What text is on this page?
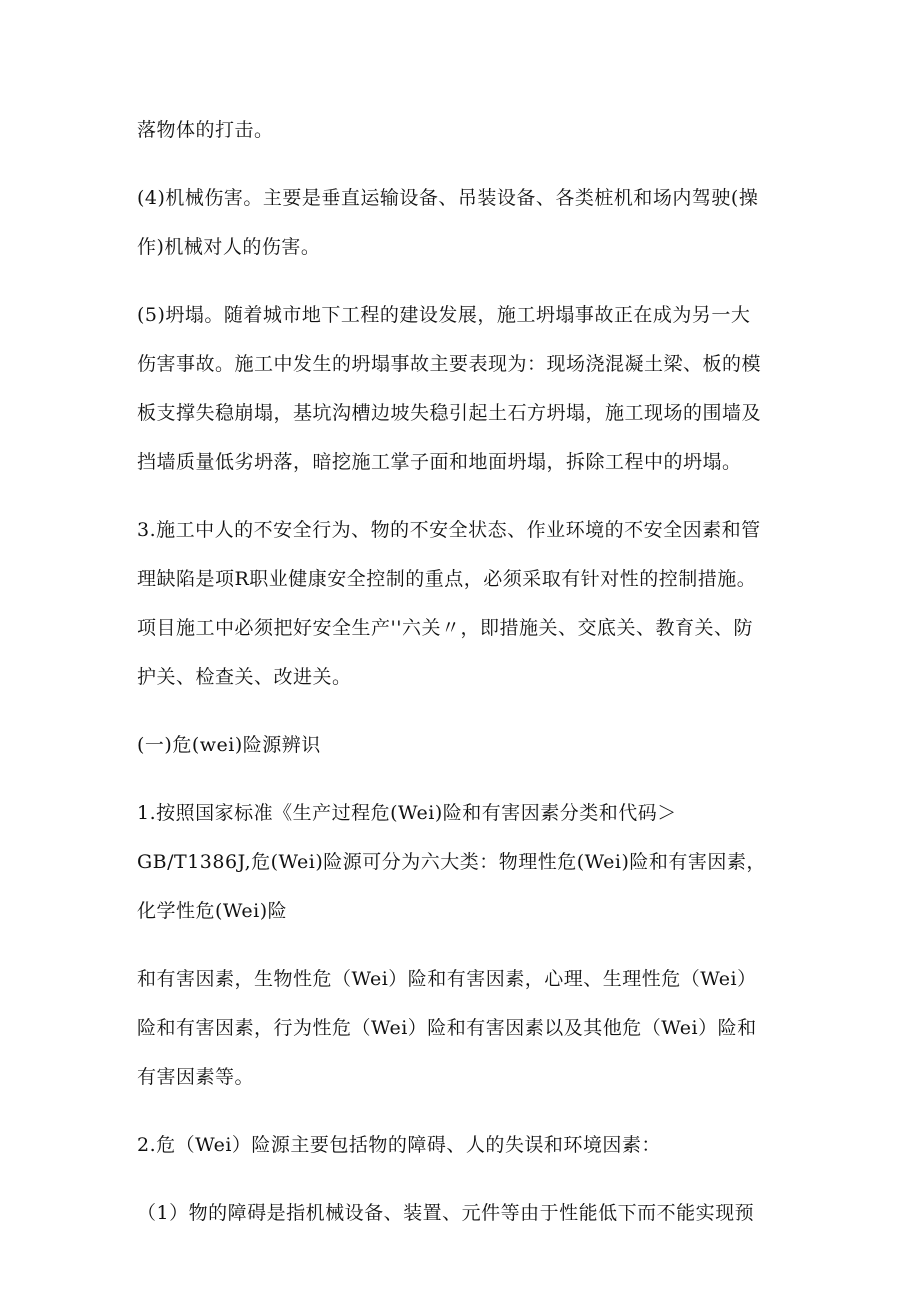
落物体的打击。
(4)机械伤害。主要是垂直运输设备、吊装设备、各类桩机和场内驾驶(操
作)机械对人的伤害。
(5)坍塌。随着城市地下工程的建设发展，施工坍塌事故正在成为另一大
伤害事故。施工中发生的坍塌事故主要表现为：现场浇混凝土梁、板的模
板支撑失稳崩塌，基坑沟槽边坡失稳引起土石方坍塌，施工现场的围墙及
挡墙质量低劣坍落，暗挖施工掌子面和地面坍塌，拆除工程中的坍塌。
3.施工中人的不安全行为、物的不安全状态、作业环境的不安全因素和管
理缺陷是项R职业健康安全控制的重点，必须采取有针对性的控制措施。
项目施工中必须把好安全生产''六关〃，即措施关、交底关、教育关、防
护关、检查关、改进关。
(一)危(wei)险源辨识
1.按照国家标准《生产过程危(Wei)险和有害因素分类和代码＞
GB/T1386J,危(Wei)险源可分为六大类：物理性危(Wei)险和有害因素，
化学性危(Wei)险
和有害因素，生物性危（Wei）险和有害因素，心理、生理性危（Wei）
险和有害因素，行为性危（Wei）险和有害因素以及其他危（Wei）险和
有害因素等。
2.危（Wei）险源主要包括物的障碍、人的失误和环境因素：
（1）物的障碍是指机械设备、装置、元件等由于性能低下而不能实现预
